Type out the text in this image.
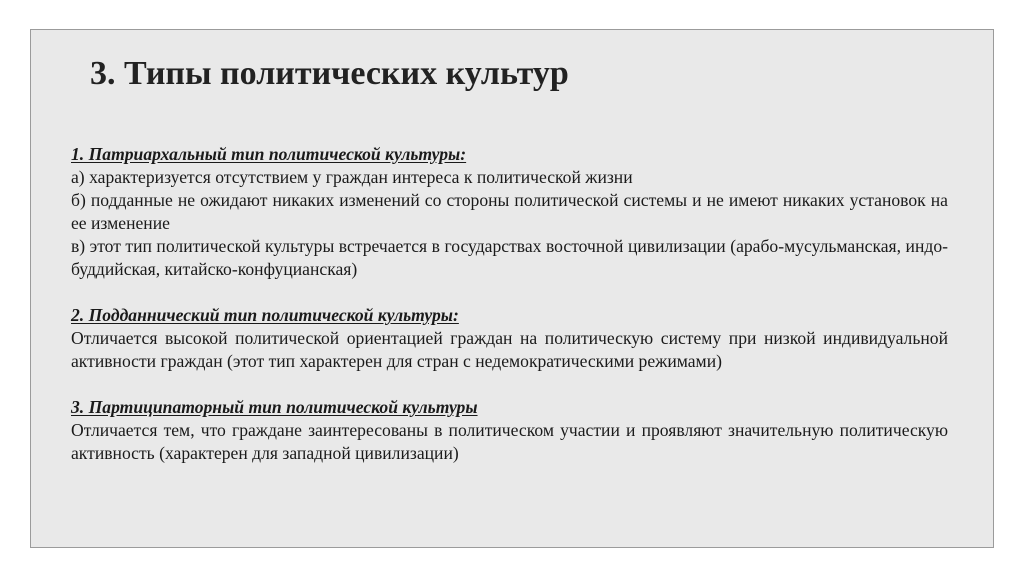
3. Типы политических культур
1. Патриархальный тип политической культуры:
а) характеризуется отсутствием у граждан интереса к политической жизни
б) подданные не ожидают никаких изменений со стороны политической системы и не имеют никаких установок на ее изменение
в) этот тип политической культуры встречается в государствах восточной цивилизации (арабо-мусульманская, индо-буддийская, китайско-конфуцианская)
2. Подданнический тип политической культуры:
Отличается высокой политической ориентацией граждан на политическую систему при низкой индивидуальной активности граждан (этот тип характерен для стран с недемократическими режимами)
3. Партиципаторный тип политической культуры
Отличается тем, что граждане заинтересованы в политическом участии и проявляют значительную политическую активность (характерен для западной цивилизации)
